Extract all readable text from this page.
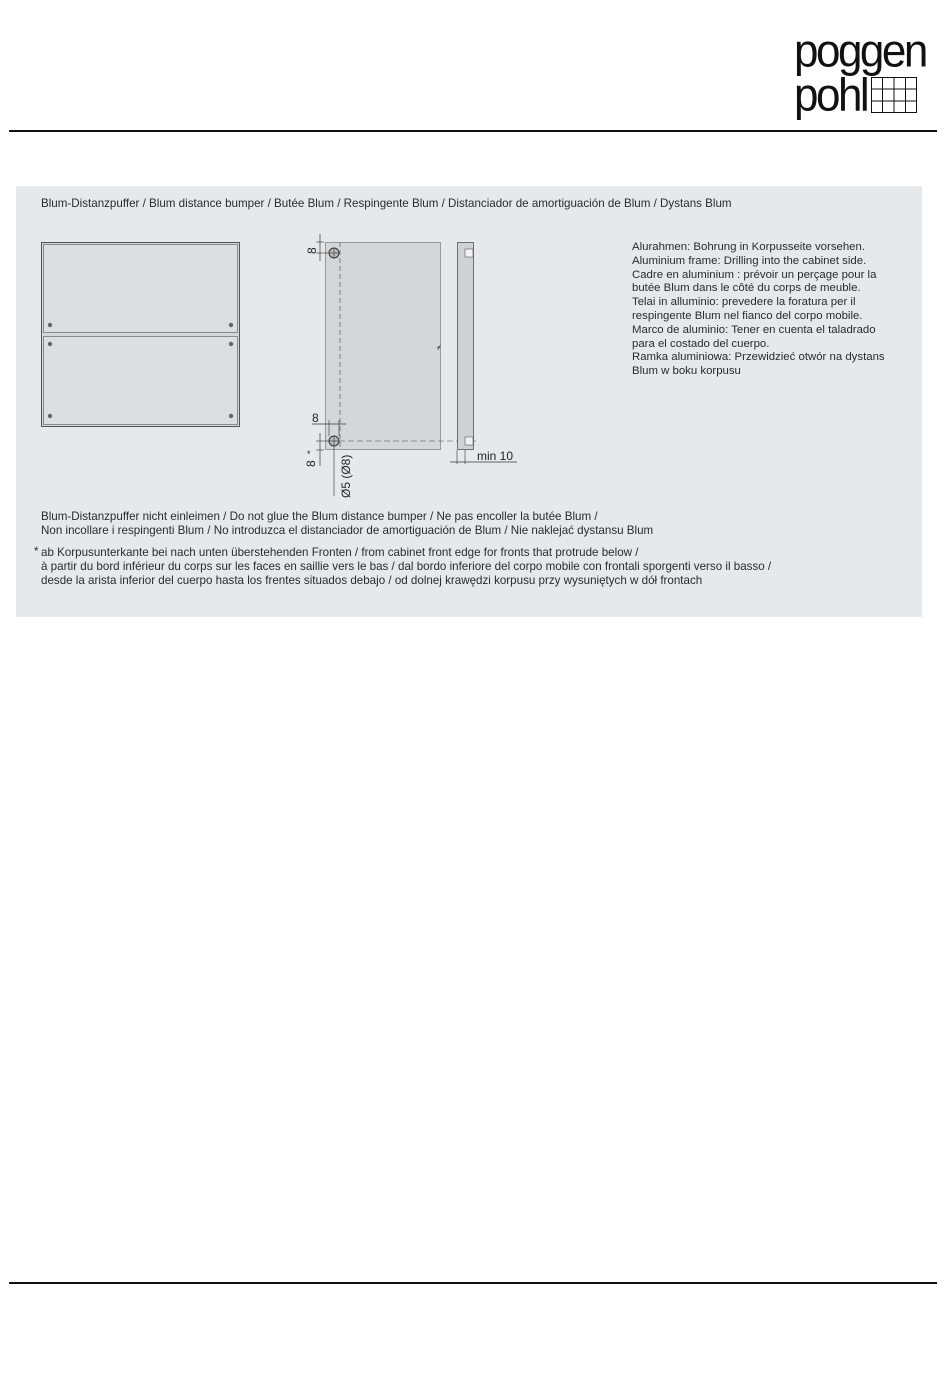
poggen
pohl
Blum-Distanzpuffer / Blum distance bumper / Butée Blum / Respingente Blum / Distanciador de amortiguación de Blum / Dystans Blum
Alurahmen: Bohrung in Korpusseite vorsehen.
Aluminium frame: Drilling into the cabinet side.
Cadre en aluminium : prévoir un perçage pour la
butée Blum dans le côté du corps de meuble.
Telai in alluminio: prevedere la foratura per il
respingente Blum nel fianco del corpo mobile.
Marco de aluminio: Tener en cuenta el taladrado
para el costado del cuerpo.
Ramka aluminiowa: Przewidzieć otwór na dystans
Blum w boku korpusu
Blum-Distanzpuffer nicht einleimen / Do not glue the Blum distance bumper / Ne pas encoller la butée Blum /
Non incollare i respingenti Blum / No introduzca el distanciador de amortiguación de Blum / Nie naklejać dystansu Blum
* ab Korpusunterkante bei nach unten überstehenden Fronten / from cabinet front edge for fronts that protrude below /
à partir du bord inférieur du corps sur les faces en saillie vers le bas / dal bordo inferiore del corpo mobile con frontali sporgenti verso il basso /
desde la arista inferior del cuerpo hasta los frentes situados debajo / od dolnej krawędzi korpusu przy wysuniętych w dół frontach
8
8
8
*
Ø5 (Ø8)	min 10
